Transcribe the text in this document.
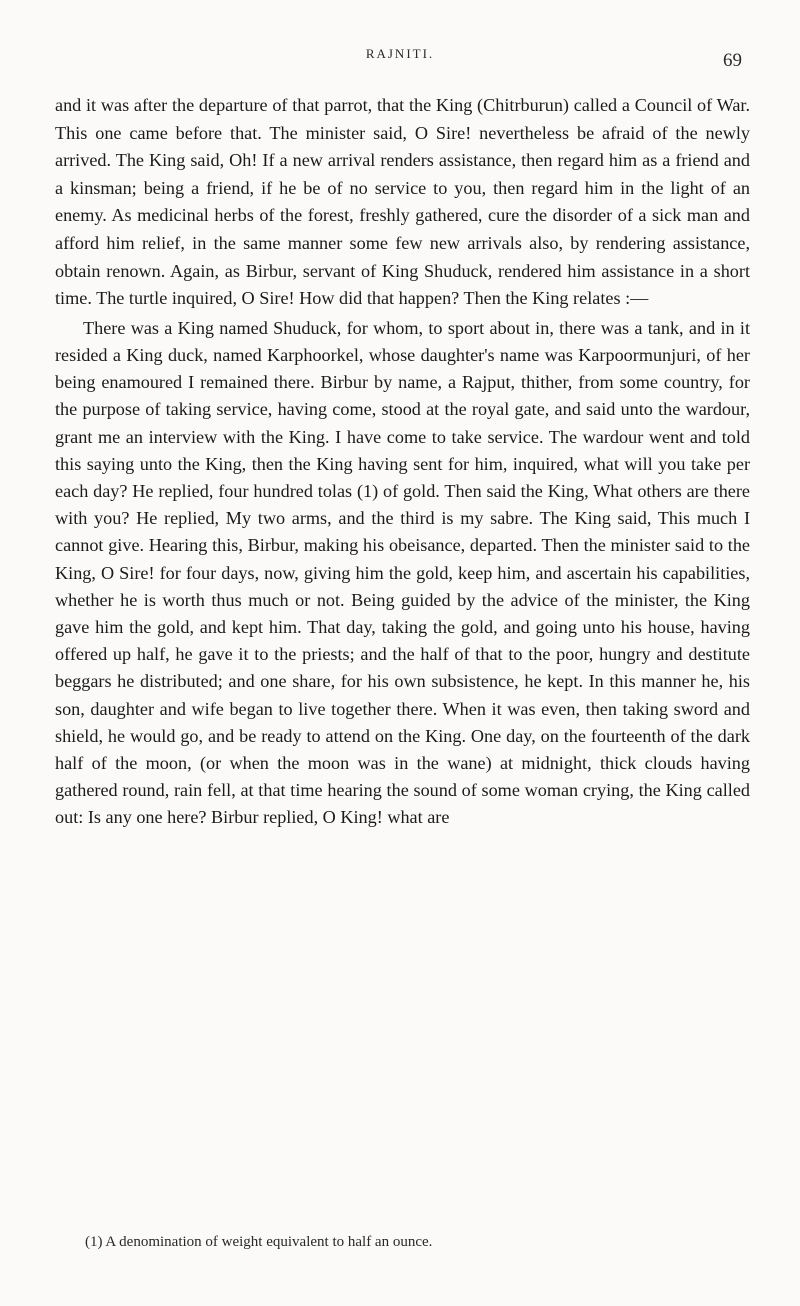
RAJNITI.	69

and it was after the departure of that parrot, that the King (Chitrburun) called a Council of War. This one came before that. The minister said, O Sire! nevertheless be afraid of the newly arrived. The King said, Oh! If a new arrival renders assistance, then regard him as a friend and a kinsman; being a friend, if he be of no service to you, then regard him in the light of an enemy. As medicinal herbs of the forest, freshly gathered, cure the disorder of a sick man and afford him relief, in the same manner some few new arrivals also, by rendering assistance, obtain renown. Again, as Birbur, servant of King Shuduck, rendered him assistance in a short time. The turtle inquired, O Sire! How did that happen? Then the King relates :—

There was a King named Shuduck, for whom, to sport about in, there was a tank, and in it resided a King duck, named Karphoorkel, whose daughter's name was Karpoormunjuri, of her being enamoured I remained there. Birbur by name, a Rajput, thither, from some country, for the purpose of taking service, having come, stood at the royal gate, and said unto the wardour, grant me an interview with the King. I have come to take service. The wardour went and told this saying unto the King, then the King having sent for him, inquired, what will you take per each day? He replied, four hundred tolas (1) of gold. Then said the King, What others are there with you? He replied, My two arms, and the third is my sabre. The King said, This much I cannot give. Hearing this, Birbur, making his obeisance, departed. Then the minister said to the King, O Sire! for four days, now, giving him the gold, keep him, and ascertain his capabilities, whether he is worth thus much or not. Being guided by the advice of the minister, the King gave him the gold, and kept him. That day, taking the gold, and going unto his house, having offered up half, he gave it to the priests; and the half of that to the poor, hungry and destitute beggars he distributed; and one share, for his own subsistence, he kept. In this manner he, his son, daughter and wife began to live together there. When it was even, then taking sword and shield, he would go, and be ready to attend on the King. One day, on the fourteenth of the dark half of the moon, (or when the moon was in the wane) at midnight, thick clouds having gathered round, rain fell, at that time hearing the sound of some woman crying, the King called out: Is any one here? Birbur replied, O King! what are

(1) A denomination of weight equivalent to half an ounce.
